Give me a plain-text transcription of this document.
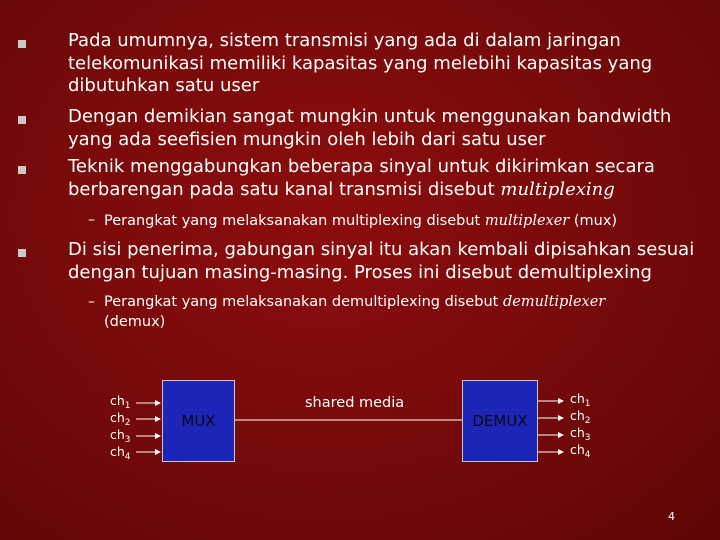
Pada umumnya, sistem transmisi yang ada di dalam jaringan
telekomunikasi memiliki kapasitas yang melebihi kapasitas yang
dibutuhkan satu user
Dengan demikian sangat mungkin untuk menggunakan bandwidth
yang ada seefisien mungkin oleh lebih dari satu user
Teknik menggabungkan beberapa sinyal untuk dikirimkan secara
berbarengan pada satu kanal transmisi disebut multiplexing
– Perangkat yang melaksanakan multiplexing disebut multiplexer (mux)
Di sisi penerima, gabungan sinyal itu akan kembali dipisahkan sesuai
dengan tujuan masing-masing. Proses ini disebut demultiplexing
– Perangkat yang melaksanakan demultiplexing disebut demultiplexer
(demux)
$ch_1$
$ch_2$
$ch_3$
$ch_4$
MUX
shared media
DEMUX
$ch_1$
$ch_2$
$ch_3$
$ch_4$
4
